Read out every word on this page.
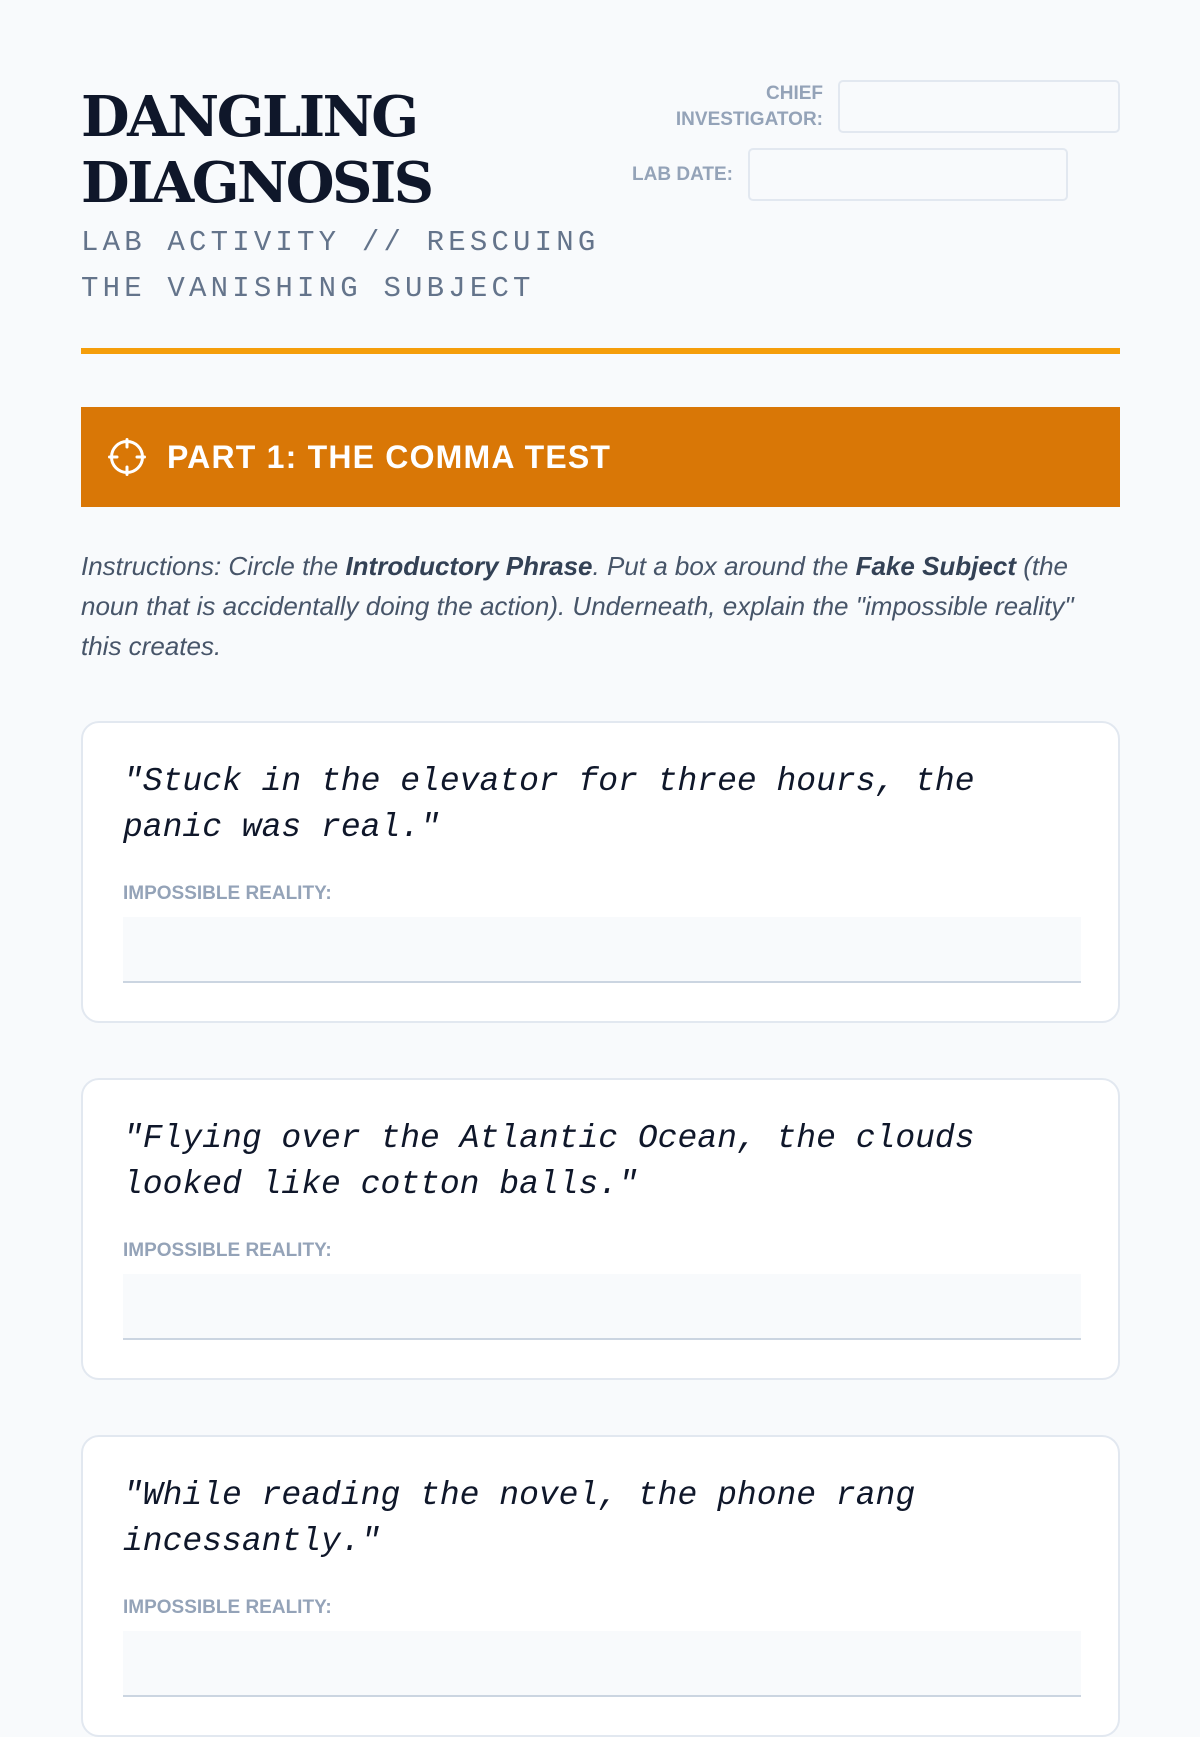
DANGLING DIAGNOSIS
LAB ACTIVITY // RESCUING THE VANISHING SUBJECT
CHIEF INVESTIGATOR:
LAB DATE:
PART 1: THE COMMA TEST

Instructions: Circle the Introductory Phrase. Put a box around the Fake Subject (the noun that is accidentally doing the action). Underneath, explain the "impossible reality" this creates.

"Stuck in the elevator for three hours, the panic was real."

IMPOSSIBLE REALITY:

"Flying over the Atlantic Ocean, the clouds looked like cotton balls."

IMPOSSIBLE REALITY:

"While reading the novel, the phone rang incessantly."

IMPOSSIBLE REALITY:
